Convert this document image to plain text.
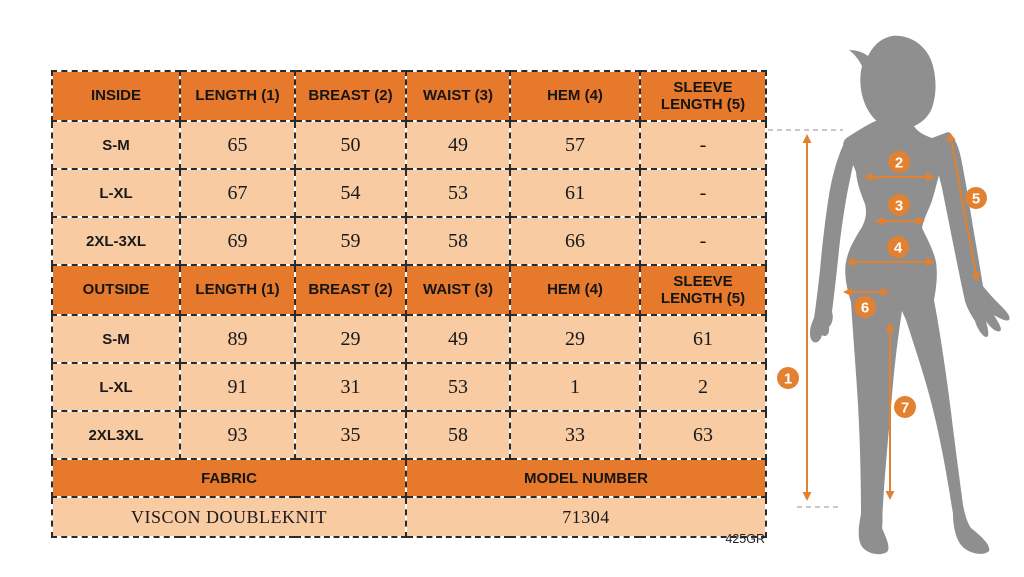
INSIDE	LENGTH (1)	BREAST (2)	WAIST (3)	HEM (4)	SLEEVE LENGTH (5)

S-M	65	50	49	57	-
L-XL	67	54	53	61	-
2XL-3XL	69	59	58	66	-
OUTSIDE	LENGTH (1)	BREAST (2)	WAIST (3)	HEM (4)	SLEEVE LENGTH (5)

S-M	89	29	49	29	61
L-XL	91	31	53	1	2
2XL3XL	93	35	58	33	63
FABRIC			MODEL NUMBER		
VISCON DOUBLEKNIT			71304		
425GR
1
2
3
4
5
6
7
